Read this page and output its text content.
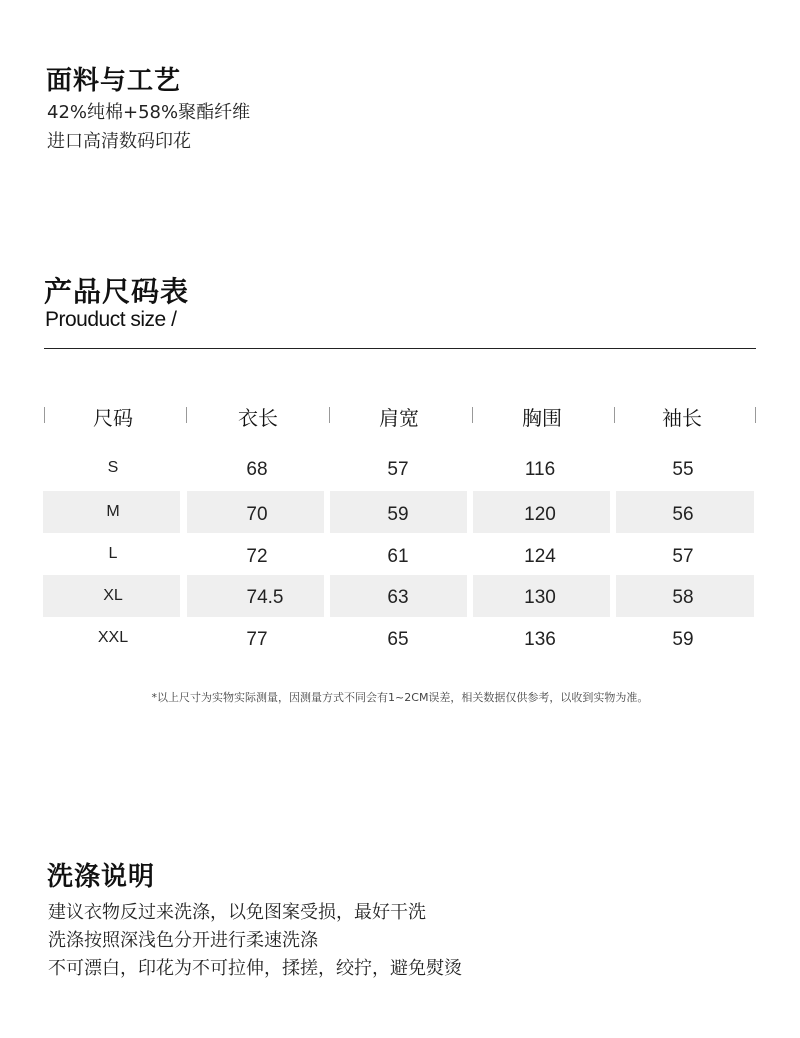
面料与工艺
42%纯棉+58%聚酯纤维
进口高清数码印花
产品尺码表
Prouduct size /
尺码	衣长	肩宽	胸围	袖长
S	68	57	116	55
M	70	59	120	56
L	72	61	124	57
XL	74.5	63	130	58
XXL	77	65	136	59
*以上尺寸为实物实际测量，因测量方式不同会有1~2CM误差，相关数据仅供参考，以收到实物为准。
洗涤说明
建议衣物反过来洗涤，以免图案受损，最好干洗
洗涤按照深浅色分开进行柔速洗涤
不可漂白，印花为不可拉伸，揉搓，绞拧，避免熨烫
